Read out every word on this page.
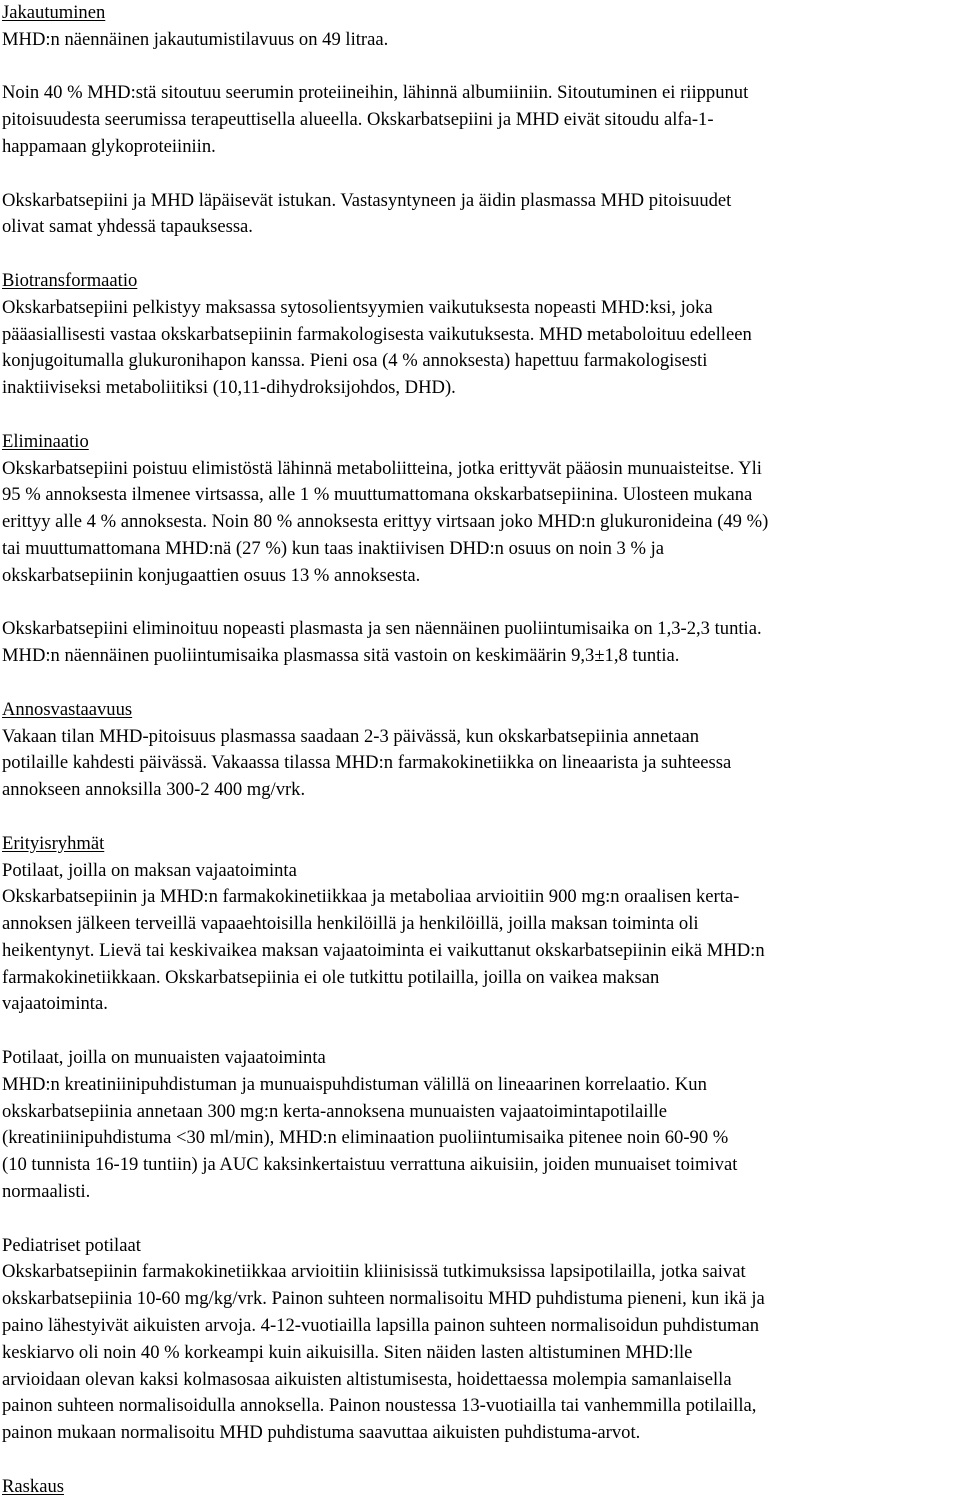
Jakautuminen
MHD:n näennäinen jakautumistilavuus on 49 litraa.
Noin 40 % MHD:stä sitoutuu seerumin proteiineihin, lähinnä albumiiniin. Sitoutuminen ei riippunut
pitoisuudesta seerumissa terapeuttisella alueella. Okskarbatsepiini ja MHD eivät sitoudu alfa-1-
happamaan glykoproteiiniin.
Okskarbatsepiini ja MHD läpäisevät istukan. Vastasyntyneen ja äidin plasmassa MHD pitoisuudet
olivat samat yhdessä tapauksessa.
Biotransformaatio
Okskarbatsepiini pelkistyy maksassa sytosolientsyymien vaikutuksesta nopeasti MHD:ksi, joka
pääasiallisesti vastaa okskarbatsepiinin farmakologisesta vaikutuksesta. MHD metaboloituu edelleen
konjugoitumalla glukuronihapon kanssa. Pieni osa (4 % annoksesta) hapettuu farmakologisesti
inaktiiviseksi metaboliitiksi (10,11-dihydroksijohdos, DHD).
Eliminaatio
Okskarbatsepiini poistuu elimistöstä lähinnä metaboliitteina, jotka erittyvät pääosin munuaisteitse. Yli
95 % annoksesta ilmenee virtsassa, alle 1 % muuttumattomana okskarbatsepiinina. Ulosteen mukana
erittyy alle 4 % annoksesta. Noin 80 % annoksesta erittyy virtsaan joko MHD:n glukuronideina (49 %)
tai muuttumattomana MHD:nä (27 %) kun taas inaktiivisen DHD:n osuus on noin 3 % ja
okskarbatsepiinin konjugaattien osuus 13 % annoksesta.
Okskarbatsepiini eliminoituu nopeasti plasmasta ja sen näennäinen puoliintumisaika on 1,3-2,3 tuntia.
MHD:n näennäinen puoliintumisaika plasmassa sitä vastoin on keskimäärin 9,3±1,8 tuntia.
Annosvastaavuus
Vakaan tilan MHD-pitoisuus plasmassa saadaan 2-3 päivässä, kun okskarbatsepiinia annetaan
potilaille kahdesti päivässä. Vakaassa tilassa MHD:n farmakokinetiikka on lineaarista ja suhteessa
annokseen annoksilla 300-2 400 mg/vrk.
Erityisryhmät
Potilaat, joilla on maksan vajaatoiminta
Okskarbatsepiinin ja MHD:n farmakokinetiikkaa ja metaboliaa arvioitiin 900 mg:n oraalisen kerta-
annoksen jälkeen terveillä vapaaehtoisilla henkilöillä ja henkilöillä, joilla maksan toiminta oli
heikentynyt. Lievä tai keskivaikea maksan vajaatoiminta ei vaikuttanut okskarbatsepiinin eikä MHD:n
farmakokinetiikkaan. Okskarbatsepiinia ei ole tutkittu potilailla, joilla on vaikea maksan
vajaatoiminta.
Potilaat, joilla on munuaisten vajaatoiminta
MHD:n kreatiniinipuhdistuman ja munuaispuhdistuman välillä on lineaarinen korrelaatio. Kun
okskarbatsepiinia annetaan 300 mg:n kerta-annoksena munuaisten vajaatoimintapotilaille
(kreatiniinipuhdistuma <30 ml/min), MHD:n eliminaation puoliintumisaika pitenee noin 60-90 %
(10 tunnista 16-19 tuntiin) ja AUC kaksinkertaistuu verrattuna aikuisiin, joiden munuaiset toimivat
normaalisti.
Pediatriset potilaat
Okskarbatsepiinin farmakokinetiikkaa arvioitiin kliinisissä tutkimuksissa lapsipotilailla, jotka saivat
okskarbatsepiinia 10-60 mg/kg/vrk. Painon suhteen normalisoitu MHD puhdistuma pieneni, kun ikä ja
paino lähestyivät aikuisten arvoja. 4-12-vuotiailla lapsilla painon suhteen normalisoidun puhdistuman
keskiarvo oli noin 40 % korkeampi kuin aikuisilla. Siten näiden lasten altistuminen MHD:lle
arvioidaan olevan kaksi kolmasosaa aikuisten altistumisesta, hoidettaessa molempia samanlaisella
painon suhteen normalisoidulla annoksella. Painon noustessa 13-vuotiailla tai vanhemmilla potilailla,
painon mukaan normalisoitu MHD puhdistuma saavuttaa aikuisten puhdistuma-arvot.
Raskaus
